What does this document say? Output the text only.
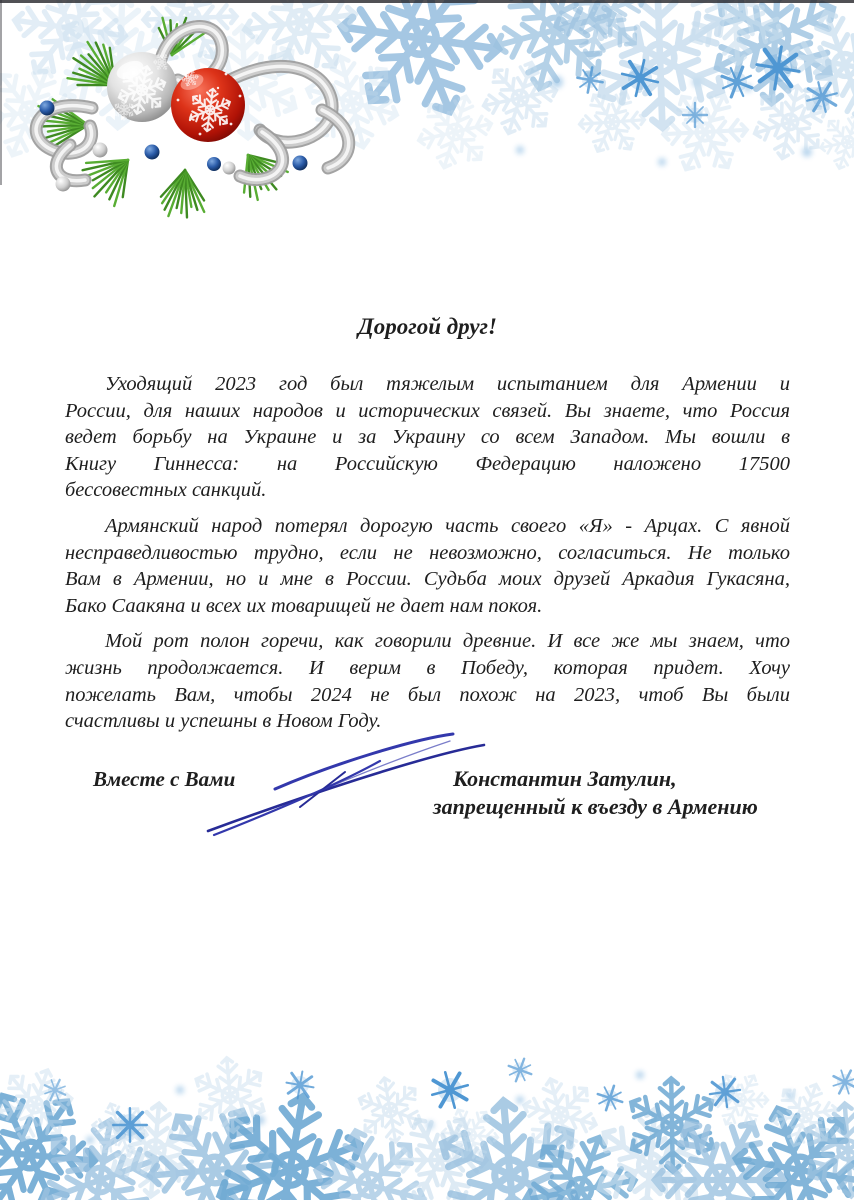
Дорогой друг!
Уходящий 2023 год был тяжелым испытанием для Армении и
России, для наших народов и исторических связей. Вы знаете, что Россия
ведет борьбу на Украине и за Украину со всем Западом. Мы вошли в
Книгу Гиннесса: на Российскую Федерацию наложено 17500
бессовестных санкций.
Армянский народ потерял дорогую часть своего «Я» - Арцах. С явной
несправедливостью трудно, если не невозможно, согласиться. Не только
Вам в Армении, но и мне в России. Судьба моих друзей Аркадия Гукасяна,
Бако Саакяна и всех их товарищей не дает нам покоя.
Мой рот полон горечи, как говорили древние. И все же мы знаем, что
жизнь продолжается. И верим в Победу, которая придет. Хочу
пожелать Вам, чтобы 2024 не был похож на 2023, чтоб Вы были
счастливы и успешны в Новом Году.
Вместе с Вами	Константин Затулин,
запрещенный к въезду в Армению
